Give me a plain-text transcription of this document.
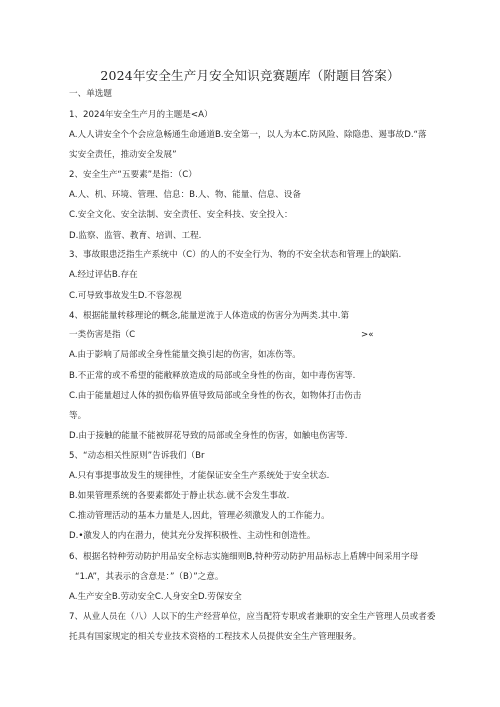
2024年安全生产月安全知识竞赛题库（附题目答案）
一、单选题
1、2024年安全生产月的主题是<A）
A.人人讲安全个个会应急畅通生命通道B.安全第一，以人为本C.防风险、除隐患、遏事故D.“落
实安全责任，推动安全发展”
2、安全生产“五要素”是指：（C）
A.人、机、环境、管理、信息：B.人、物、能量、信息、设备
C.安全文化、安全法制、安全责任、安全科技、安全投入：
D.监察、监管、教育、培训、工程.
3、事故眼患泛指生产系统中（C）的人的不安全行为、物的不安全状态和管理上的缺陷.
A.经过评估B.存在
C.可导致事故发生D.不容忽视
4、根据能量转移理论的概念,能量逆流于人体造成的伤害分为两类.其中.第
一类伤害是指（C	>«
A.由于影响了局部或全身性能量交换引起的伤害，如冻伤等。
B.不正常的或不希望的能敝释放造成的局部或全身性的伤亩，如中毒伤害等.
C.由于能量超过人体的损伤临界值导致局部或全身性的伤衣，如物体打击伤击
等。
D.由于接触的能量不能被屏花导致的局部或全身性的伤害，如触电伤害等.
5、“动态相关性原则”告诉我们（Br
A.只有事提事故发生的规律性，才能保证安全生产系统处于安全状态.
B.如果管理系统的各要素都处于静止状态.就不会发生事故.
C.推动管理活动的基本力量是人,因此，管理必须激发人的工作能力。
D.•激发人的内在潜力，使其充分发挥积极性、主动性和创造性。
6、根据名特种劳动防护用品安全标志实施细则B,特种劳动防护用品标志上盾牌中间采用字母
“1.A”，其表示的含意是：”（B）”之意。
A.生产安全B.劳动安全C.人身安全D.劳保安全
7、从业人员在（八）人以下的生产经营单位，应当配符专职或者兼职的安全生产管理人员或者委
托具有国家规定的相关专业技术资格的工程技术人员提供安全生产管理服务。
